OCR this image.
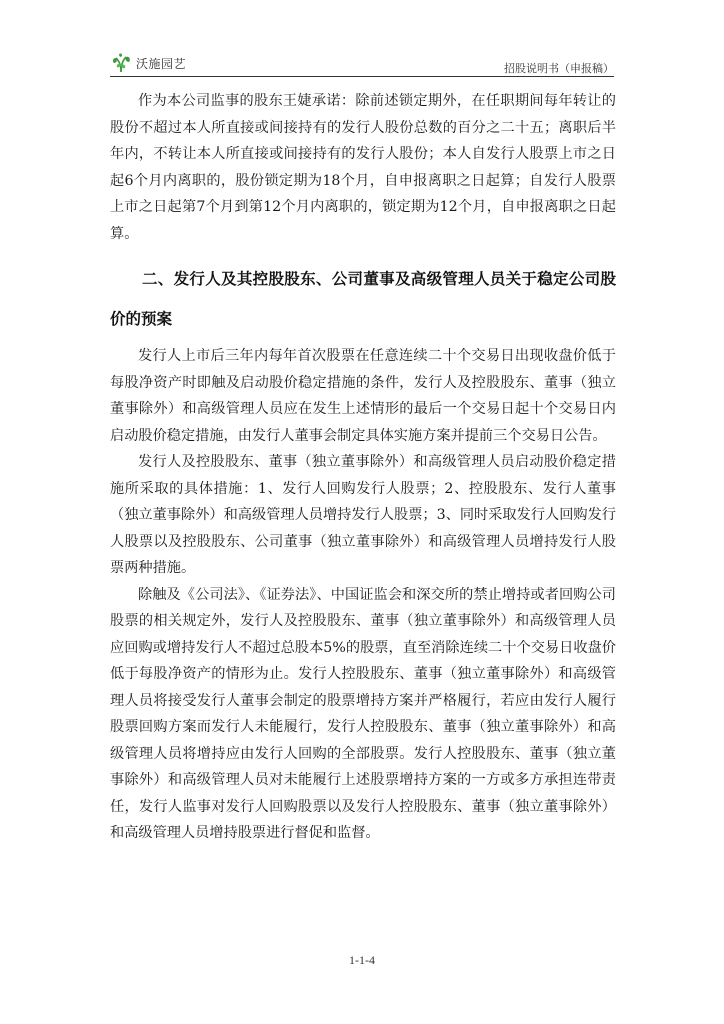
沃施园艺	招股说明书（申报稿）

作为本公司监事的股东王婕承诺：除前述锁定期外，在任职期间每年转让的股份不超过本人所直接或间接持有的发行人股份总数的百分之二十五；离职后半年内，不转让本人所直接或间接持有的发行人股份；本人自发行人股票上市之日起6个月内离职的，股份锁定期为18个月，自申报离职之日起算；自发行人股票上市之日起第7个月到第12个月内离职的，锁定期为12个月，自申报离职之日起算。

二、发行人及其控股股东、公司董事及高级管理人员关于稳定公司股价的预案

发行人上市后三年内每年首次股票在任意连续二十个交易日出现收盘价低于每股净资产时即触及启动股价稳定措施的条件，发行人及控股股东、董事（独立董事除外）和高级管理人员应在发生上述情形的最后一个交易日起十个交易日内启动股价稳定措施，由发行人董事会制定具体实施方案并提前三个交易日公告。

发行人及控股股东、董事（独立董事除外）和高级管理人员启动股价稳定措施所采取的具体措施：1、发行人回购发行人股票；2、控股股东、发行人董事（独立董事除外）和高级管理人员增持发行人股票；3、同时采取发行人回购发行人股票以及控股股东、公司董事（独立董事除外）和高级管理人员增持发行人股票两种措施。

除触及《公司法》、《证券法》、中国证监会和深交所的禁止增持或者回购公司股票的相关规定外，发行人及控股股东、董事（独立董事除外）和高级管理人员应回购或增持发行人不超过总股本5%的股票，直至消除连续二十个交易日收盘价低于每股净资产的情形为止。发行人控股股东、董事（独立董事除外）和高级管理人员将接受发行人董事会制定的股票增持方案并严格履行，若应由发行人履行股票回购方案而发行人未能履行，发行人控股股东、董事（独立董事除外）和高级管理人员将增持应由发行人回购的全部股票。发行人控股股东、董事（独立董事除外）和高级管理人员对未能履行上述股票增持方案的一方或多方承担连带责任，发行人监事对发行人回购股票以及发行人控股股东、董事（独立董事除外）和高级管理人员增持股票进行督促和监督。

1-1-4
